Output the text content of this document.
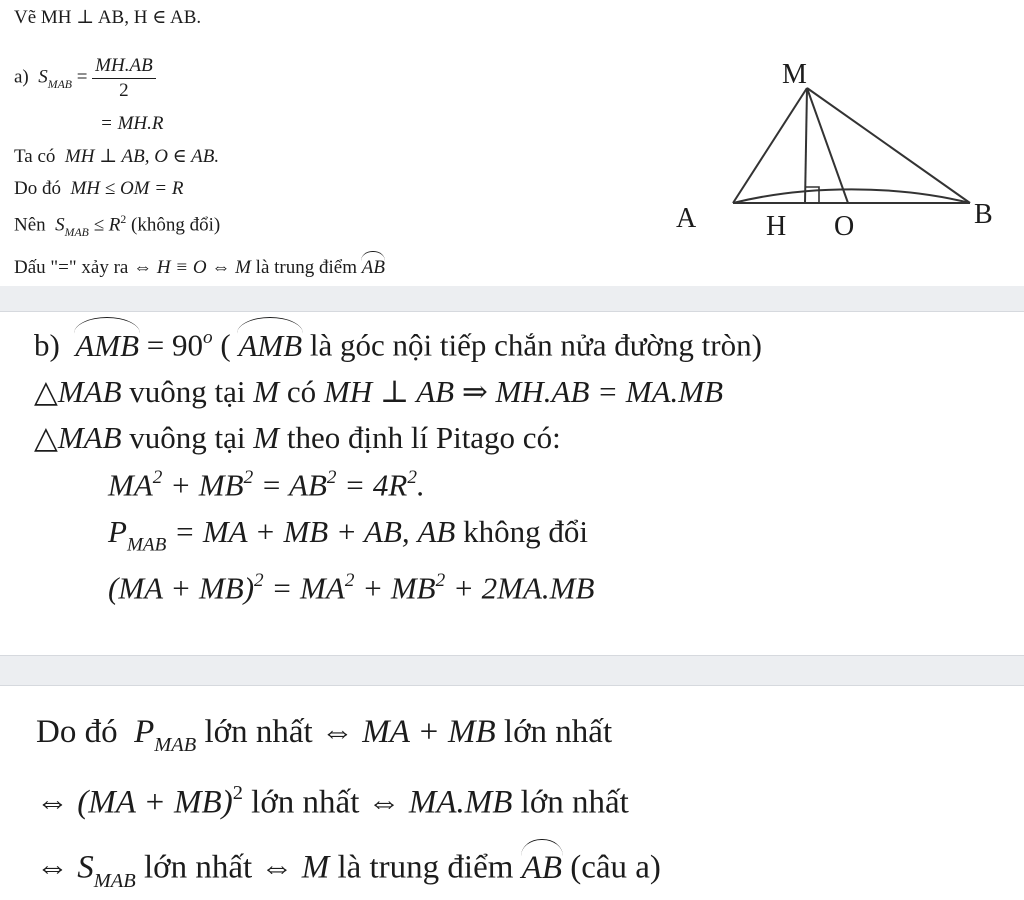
Vẽ MH ⊥ AB, H ∈ AB.
a) $S_{MAB} = \frac{MH.AB}{2}$
= MH.R
Ta có MH ⊥ AB, O ∈ AB.
Do đó MH ≤ OM = R
Nên $S_{MAB} \le R^2$ (không đổi)
Dấu "=" xảy ra ⇔ H ≡ O ⇔ M là trung điểm AB
M
A H O	B
b) AMB = $90^o$ ( AMB là góc nội tiếp chắn nửa đường tròn)
△MAB vuông tại M có MH ⊥ AB ⇒ MH.AB = MA.MB
△MAB vuông tại M theo định lí Pitago có:
$MA^2 + MB^2 = AB^2 = 4R^2$.
$P_{MAB}$ = MA + MB + AB, AB không đổi
$(MA + MB)^2 = MA^2 + MB^2 + 2MA.MB$
Do đó $P_{MAB}$ lớn nhất ⇔ MA + MB lớn nhất
⇔ (MA + MB)$^2$ lớn nhất ⇔ MA.MB lớn nhất
⇔ $S_{MAB}$ lớn nhất ⇔ M là trung điểm AB (câu a)
